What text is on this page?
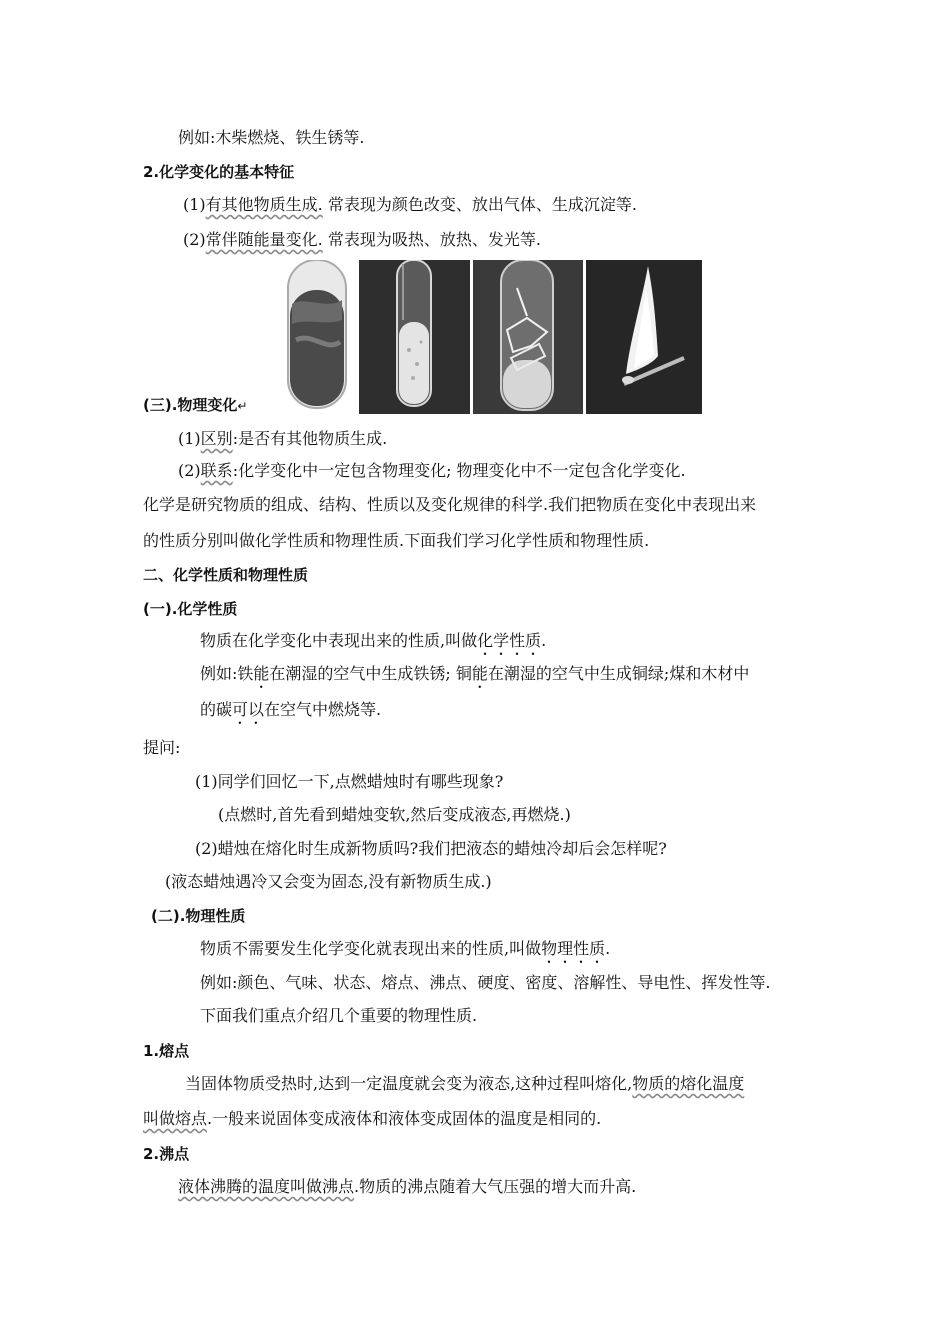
例如:木柴燃烧、铁生锈等.
2.化学变化的基本特征
(1)有其他物质生成. 常表现为颜色改变、放出气体、生成沉淀等.
(2)常伴随能量变化. 常表现为吸热、放热、发光等.
(三).物理变化↵
(1)区别:是否有其他物质生成.
(2)联系:化学变化中一定包含物理变化; 物理变化中不一定包含化学变化.
化学是研究物质的组成、结构、性质以及变化规律的科学.我们把物质在变化中表现出来
的性质分别叫做化学性质和物理性质.下面我们学习化学性质和物理性质.
二、化学性质和物理性质
(一).化学性质
物质在化学变化中表现出来的性质,叫做化学性质.
例如:铁能在潮湿的空气中生成铁锈; 铜能在潮湿的空气中生成铜绿;煤和木材中
的碳可以在空气中燃烧等.
提问:
(1)同学们回忆一下,点燃蜡烛时有哪些现象?
(点燃时,首先看到蜡烛变软,然后变成液态,再燃烧.)
(2)蜡烛在熔化时生成新物质吗?我们把液态的蜡烛冷却后会怎样呢?
(液态蜡烛遇冷又会变为固态,没有新物质生成.)
(二).物理性质
物质不需要发生化学变化就表现出来的性质,叫做物理性质.
例如:颜色、气味、状态、熔点、沸点、硬度、密度、溶解性、导电性、挥发性等.
下面我们重点介绍几个重要的物理性质.
1.熔点
当固体物质受热时,达到一定温度就会变为液态,这种过程叫熔化,物质的熔化温度
叫做熔点.一般来说固体变成液体和液体变成固体的温度是相同的.
2.沸点
液体沸腾的温度叫做沸点.物质的沸点随着大气压强的增大而升高.
